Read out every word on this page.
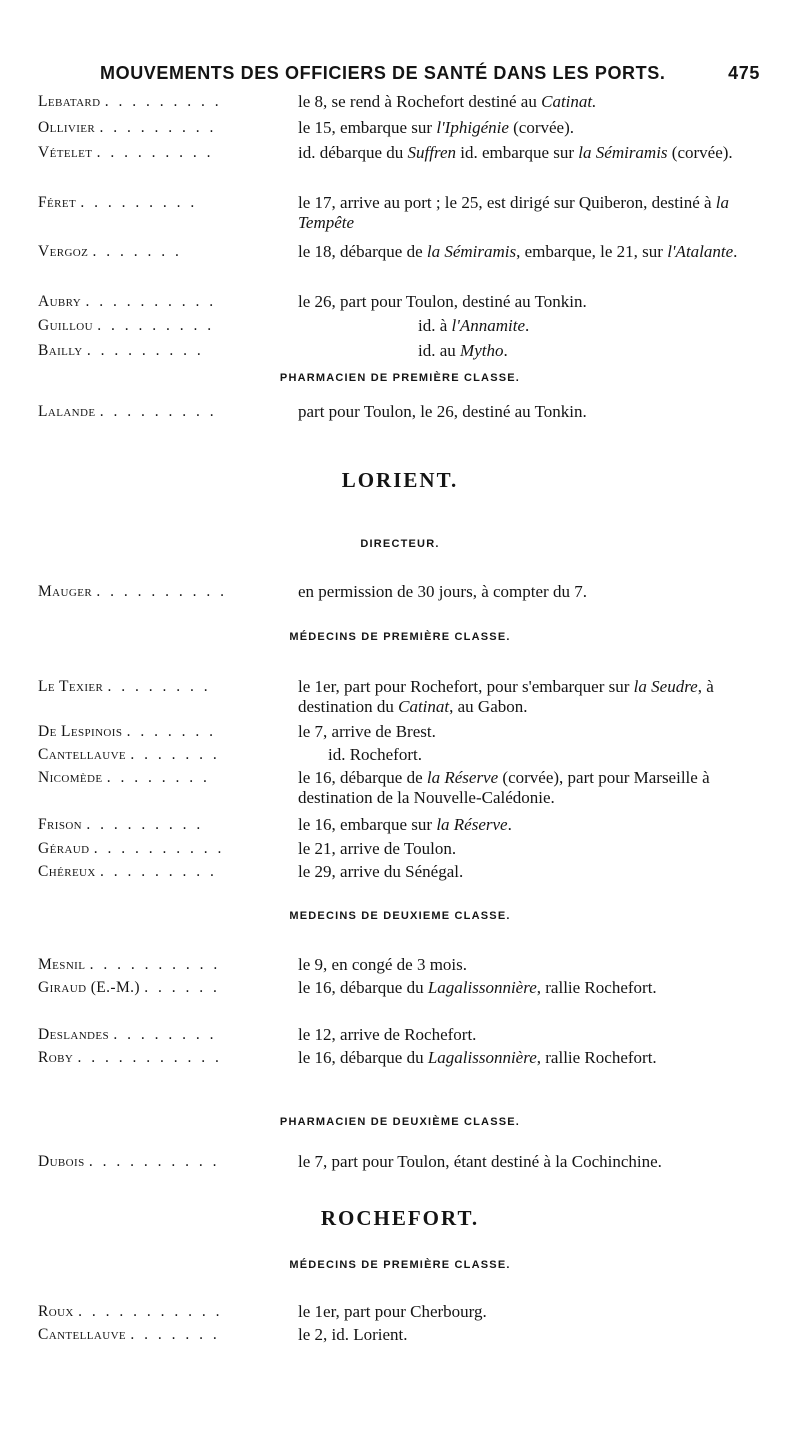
MOUVEMENTS DES OFFICIERS DE SANTÉ DANS LES PORTS.	475
Lebatard . . . . . . . . .	le 8, se rend à Rochefort destiné au Catinat.
Ollivier . . . . . . . . .	le 15, embarque sur l'Iphigénie (corvée).
Vételet . . . . . . . . .	id. débarque du Suffren id. embarque sur la Sémiramis (corvée).
Féret . . . . . . . . .	le 17, arrive au port ; le 25, est dirigé sur Quiberon, destiné à la Tempête
Vergoz . . . . . . .	le 18, débarque de la Sémiramis, embarque, le 21, sur l'Atalante.
Aubry . . . . . . . . . .	le 26, part pour Toulon, destiné au Tonkin.
Guillou . . . . . . . . .	id. à l'Annamite.
Bailly . . . . . . . . .	id. au Mytho.
PHARMACIEN DE PREMIÈRE CLASSE.
Lalande . . . . . . . . .	part pour Toulon, le 26, destiné au Tonkin.
LORIENT.
DIRECTEUR.
Mauger . . . . . . . . . .	en permission de 30 jours, à compter du 7.
MÉDECINS DE PREMIÈRE CLASSE.
Le Texier . . . . . . . .	le 1er, part pour Rochefort, pour s'embarquer sur la Seudre, à destination du Catinat, au Gabon.
De Lespinois . . . . . . .	le 7, arrive de Brest.
Cantellauve . . . . . . .	id. Rochefort.
Nicomède . . . . . . . .	le 16, débarque de la Réserve (corvée), part pour Marseille à destination de la Nouvelle-Calédonie.
Frison . . . . . . . . .	le 16, embarque sur la Réserve.
Géraud . . . . . . . . . .	le 21, arrive de Toulon.
Chéreux . . . . . . . . .	le 29, arrive du Sénégal.
MEDECINS DE DEUXIEME CLASSE.
Mesnil . . . . . . . . . .	le 9, en congé de 3 mois.
Giraud (E.-M.) . . . . . .	le 16, débarque du Lagalissonnière, rallie Rochefort.
Deslandes . . . . . . . .	le 12, arrive de Rochefort.
Roby . . . . . . . . . . .	le 16, débarque du Lagalissonnière, rallie Rochefort.
PHARMACIEN DE DEUXIÈME CLASSE.
Dubois . . . . . . . . . .	le 7, part pour Toulon, étant destiné à la Cochinchine.
ROCHEFORT.
MÉDECINS DE PREMIÈRE CLASSE.
Roux . . . . . . . . . . .	le 1er, part pour Cherbourg.
Cantellauve . . . . . . .	le 2, id. Lorient.
